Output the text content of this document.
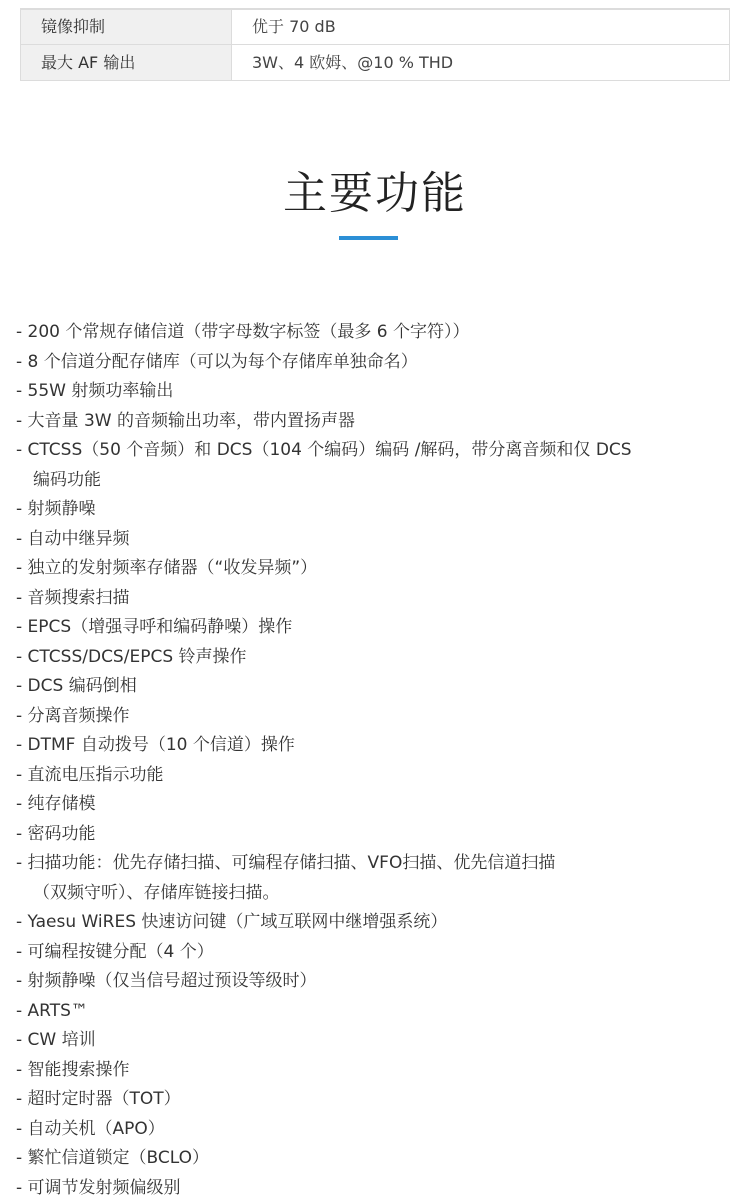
镜像抑制	优于 70 dB
最大 AF 输出	3W、4 欧姆、@10 % THD
主要功能
- 200 个常规存储信道（带字母数字标签（最多 6 个字符））
- 8 个信道分配存储库（可以为每个存储库单独命名）
- 55W 射频功率输出
- 大音量 3W 的音频输出功率，带内置扬声器
- CTCSS（50 个音频）和 DCS（104 个编码）编码 /解码，带分离音频和仅 DCS
编码功能
- 射频静噪
- 自动中继异频
- 独立的发射频率存储器（“收发异频”）
- 音频搜索扫描
- EPCS（增强寻呼和编码静噪）操作
- CTCSS/DCS/EPCS 铃声操作
- DCS 编码倒相
- 分离音频操作
- DTMF 自动拨号（10 个信道）操作
- 直流电压指示功能
- 纯存储模
- 密码功能
- 扫描功能：优先存储扫描、可编程存储扫描、VFO扫描、优先信道扫描
（双频守听）、存储库链接扫描。
- Yaesu WiRES 快速访问键（广域互联网中继增强系统）
- 可编程按键分配（4 个）
- 射频静噪（仅当信号超过预设等级时）
- ARTS™
- CW 培训
- 智能搜索操作
- 超时定时器（TOT）
- 自动关机（APO）
- 繁忙信道锁定（BCLO）
- 可调节发射频偏级别
